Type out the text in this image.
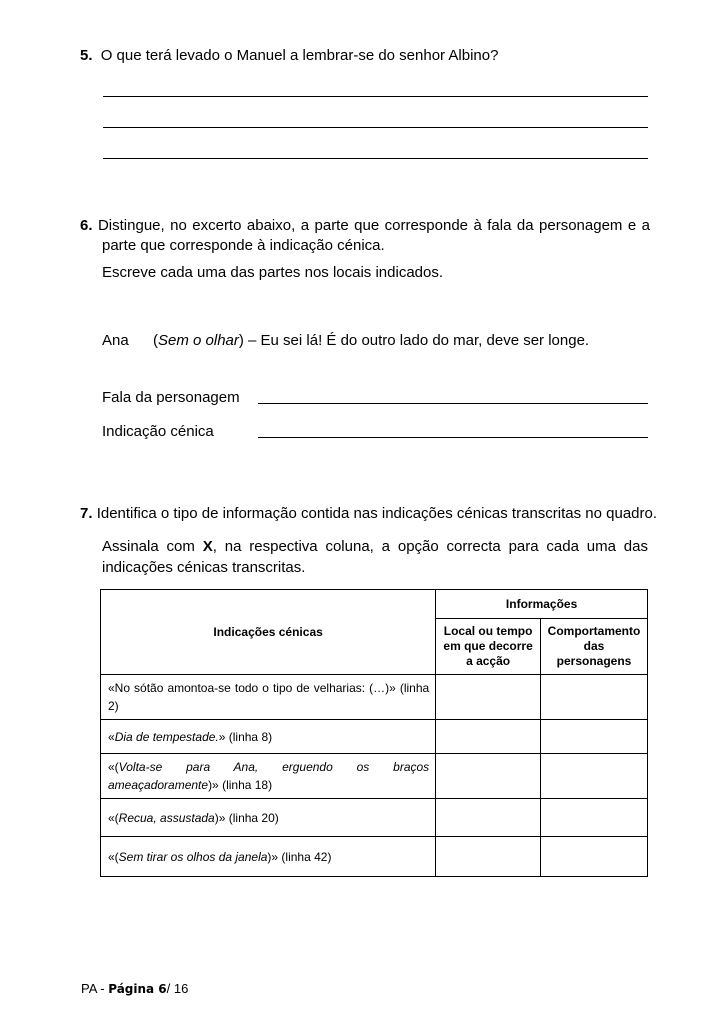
5. O que terá levado o Manuel a lembrar-se do senhor Albino?
6. Distingue, no excerto abaixo, a parte que corresponde à fala da personagem e a
parte que corresponde à indicação cénica.
Escreve cada uma das partes nos locais indicados.
Ana (Sem o olhar) – Eu sei lá! É do outro lado do mar, deve ser longe.
Fala da personagem
Indicação cénica
7. Identifica o tipo de informação contida nas indicações cénicas transcritas no quadro.
Assinala com X, na respectiva coluna, a opção correcta para cada uma das
indicações cénicas transcritas.
Indicações cénicas	Informações	
	Local ou tempo em que decorre a acção	Comportamento das personagens

«No sótão amontoa-se todo o tipo de velharias: (…)» (linha 2)		

«Dia de tempestade.» (linha 8)		

«(Volta-se para Ana, erguendo os braços ameaçadoramente)» (linha 18)		

«(Recua, assustada)» (linha 20)		

«(Sem tirar os olhos da janela)» (linha 42)		

PA - Página 6/ 16
